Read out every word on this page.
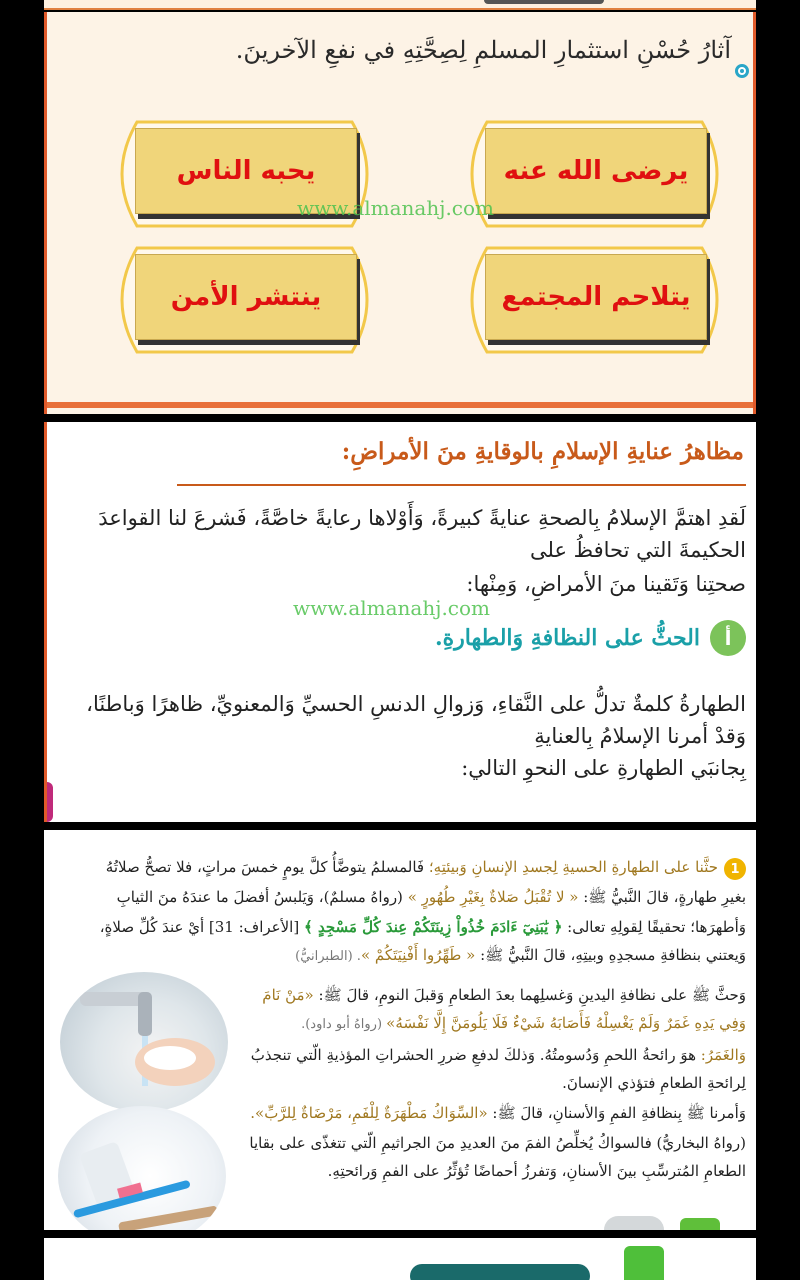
آثارُ حُسْنِ استثمارِ المسلمِ لِصِحَّتِهِ في نفعِ الآخرينَ.
يرضى الله عنه
يحبه الناس
يتلاحم المجتمع
ينتشر الأمن
www.almanahj.com
مظاهرُ عنايةِ الإسلامِ بالوقايةِ منَ الأمراضِ:
لَقدِ اهتمَّ الإسلامُ بِالصحةِ عنايةً كبيرةً، وَأَوْلاها رعايةً خاصَّةً، فَشرعَ لنا القواعدَ الحكيمةَ التي تحافظُ على
صحتِنا وَتَقينا منَ الأمراضِ، وَمِنْها:
www.almanahj.com
أ
الحثُّ على النظافةِ وَالطهارةِ.
الطهارةُ كلمةٌ تدلُّ على النَّقاءِ، وَزوالِ الدنسِ الحسيِّ وَالمعنويِّ، ظاهرًا وَباطنًا، وَقدْ أمرنا الإسلامُ بِالعنايةِ
بِجانبَي الطهارةِ على النحوِ التالي:
1
حثَّنا على الطهارةِ الحسيةِ لِجسدِ الإنسانِ وَبيئتِهِ؛ فَالمسلمُ يتوضَّأُ كلَّ يومٍ خمسَ مراتٍ، فلا تصحُّ صلاتُهُ
بغيرِ طهارةٍ، قالَ النَّبيُّ ﷺ: « لا تُقْبَلُ صَلاةٌ بِغَيْرِ طُهُورٍ » (رواهُ مسلمٌ)، وَيَلبسُ أفضلَ ما عندَهُ منَ الثيابِ
وَأطهرَها؛ تحقيقًا لِقولِهِ تعالى: ﴿ يَٰبَنِيٓ ءَادَمَ خُذُواْ زِينَتَكُمْ عِندَ كُلِّ مَسْجِدٍ ﴾ [الأعراف: 31] أيْ عندَ كُلِّ صلاةٍ،
وَيعتني بنظافةِ مسجدِهِ وبيتِهِ، قالَ النَّبيُّ ﷺ: « طَهِّرُوا أَفْنِيَتَكُمْ ». (الطبرانيُّ)
وَحثَّ ﷺ على نظافةِ اليدينِ وَغسلِهما بعدَ الطعامِ وَقبلَ النومِ، قالَ ﷺ: «مَنْ نَامَ
وَفِي يَدِهِ غَمَرٌ وَلَمْ يَغْسِلْهُ فَأَصَابَهُ شَيْءٌ فَلَا يَلُومَنَّ إِلَّا نَفْسَهُ» (رواهُ أبو داود).
وَالغَمَرُ: هوَ رائحةُ اللحمِ وَدُسومتُهُ. وَذلكَ لدفعِ ضررِ الحشراتِ المؤذيةِ الّتي تنجذبُ
لِرائحةِ الطعامِ فتؤذي الإنسانَ.
وَأمرنا ﷺ بِنظافةِ الفمِ وَالأسنانِ، قالَ ﷺ: «السِّوَاكُ مَطْهَرَةٌ لِلْفَمِ، مَرْضَاةٌ لِلرَّبِّ».
(رواهُ البخاريُّ) فالسواكُ يُخلِّصُ الفمَ منَ العديدِ منَ الجراثيمِ الّتي تتغذّى على بقايا
الطعامِ المُترسِّبِ بينَ الأسنانِ، وَتفرزُ أحماضًا تُؤثِّرُ على الفمِ وَرائحتِهِ.
